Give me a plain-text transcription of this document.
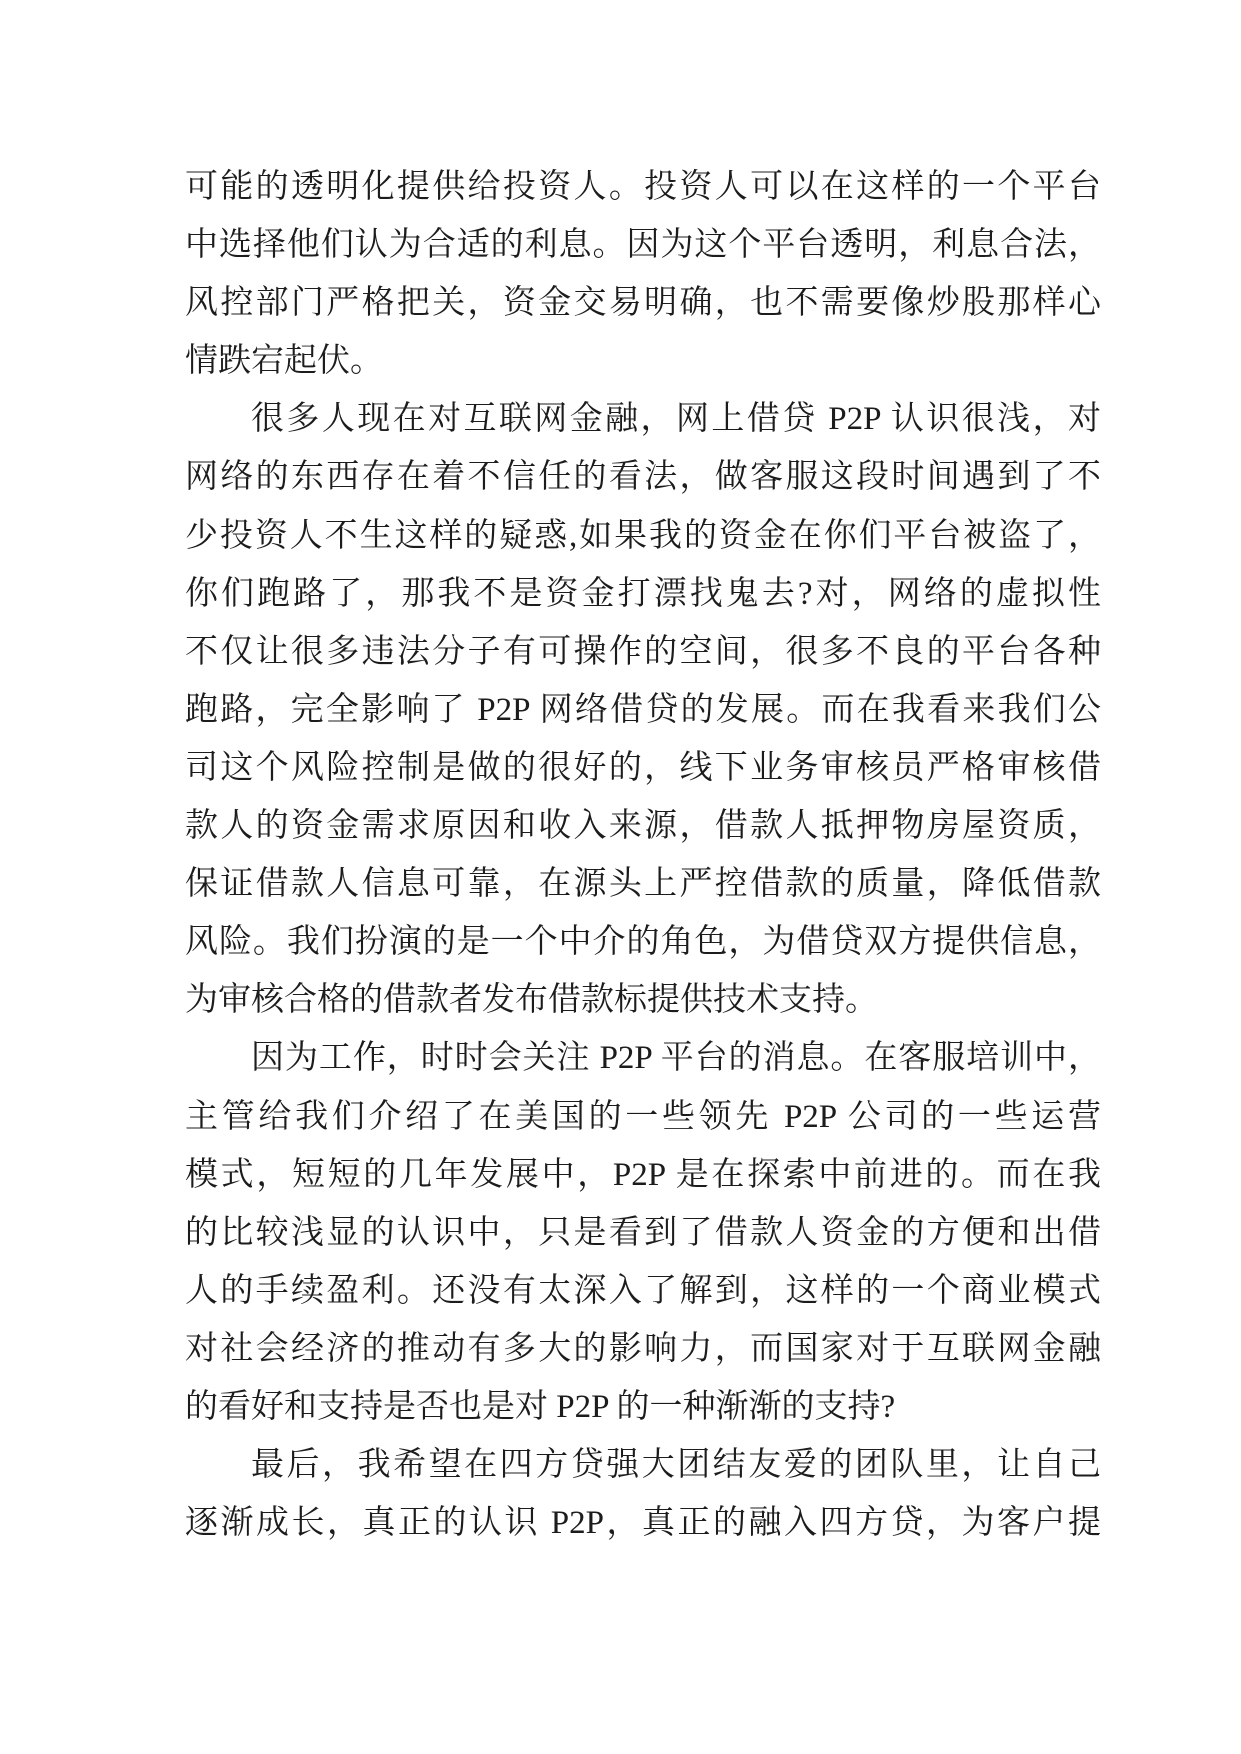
可能的透明化提供给投资人。投资人可以在这样的一个平台
中选择他们认为合适的利息。因为这个平台透明，利息合法，
风控部门严格把关，资金交易明确，也不需要像炒股那样心
情跌宕起伏。
很多人现在对互联网金融，网上借贷 P2P 认识很浅，对
网络的东西存在着不信任的看法，做客服这段时间遇到了不
少投资人不生这样的疑惑,如果我的资金在你们平台被盗了，
你们跑路了，那我不是资金打漂找鬼去?对，网络的虚拟性
不仅让很多违法分子有可操作的空间，很多不良的平台各种
跑路，完全影响了 P2P 网络借贷的发展。而在我看来我们公
司这个风险控制是做的很好的，线下业务审核员严格审核借
款人的资金需求原因和收入来源，借款人抵押物房屋资质，
保证借款人信息可靠，在源头上严控借款的质量，降低借款
风险。我们扮演的是一个中介的角色，为借贷双方提供信息，
为审核合格的借款者发布借款标提供技术支持。
因为工作，时时会关注 P2P 平台的消息。在客服培训中，
主管给我们介绍了在美国的一些领先 P2P 公司的一些运营
模式，短短的几年发展中，P2P 是在探索中前进的。而在我
的比较浅显的认识中，只是看到了借款人资金的方便和出借
人的手续盈利。还没有太深入了解到，这样的一个商业模式
对社会经济的推动有多大的影响力，而国家对于互联网金融
的看好和支持是否也是对 P2P 的一种渐渐的支持?
最后，我希望在四方贷强大团结友爱的团队里，让自己
逐渐成长，真正的认识 P2P，真正的融入四方贷，为客户提
